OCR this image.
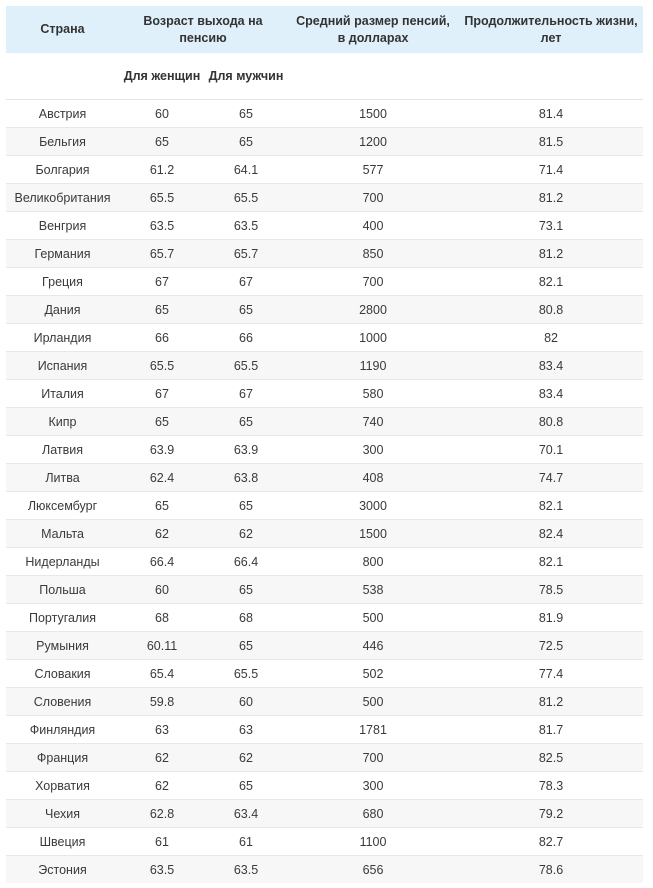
Страна	Возраст выхода на пенсию		Средний размер пенсий, в долларах	Продолжительность жизни, лет
	Для женщин	Для мужчин		
Австрия	60	65	1500	81.4
Бельгия	65	65	1200	81.5
Болгария	61.2	64.1	577	71.4
Великобритания	65.5	65.5	700	81.2
Венгрия	63.5	63.5	400	73.1
Германия	65.7	65.7	850	81.2
Греция	67	67	700	82.1
Дания	65	65	2800	80.8
Ирландия	66	66	1000	82
Испания	65.5	65.5	1190	83.4
Италия	67	67	580	83.4
Кипр	65	65	740	80.8
Латвия	63.9	63.9	300	70.1
Литва	62.4	63.8	408	74.7
Люксембург	65	65	3000	82.1
Мальта	62	62	1500	82.4
Нидерланды	66.4	66.4	800	82.1
Польша	60	65	538	78.5
Португалия	68	68	500	81.9
Румыния	60.11	65	446	72.5
Словакия	65.4	65.5	502	77.4
Словения	59.8	60	500	81.2
Финляндия	63	63	1781	81.7
Франция	62	62	700	82.5
Хорватия	62	65	300	78.3
Чехия	62.8	63.4	680	79.2
Швеция	61	61	1100	82.7
Эстония	63.5	63.5	656	78.6
